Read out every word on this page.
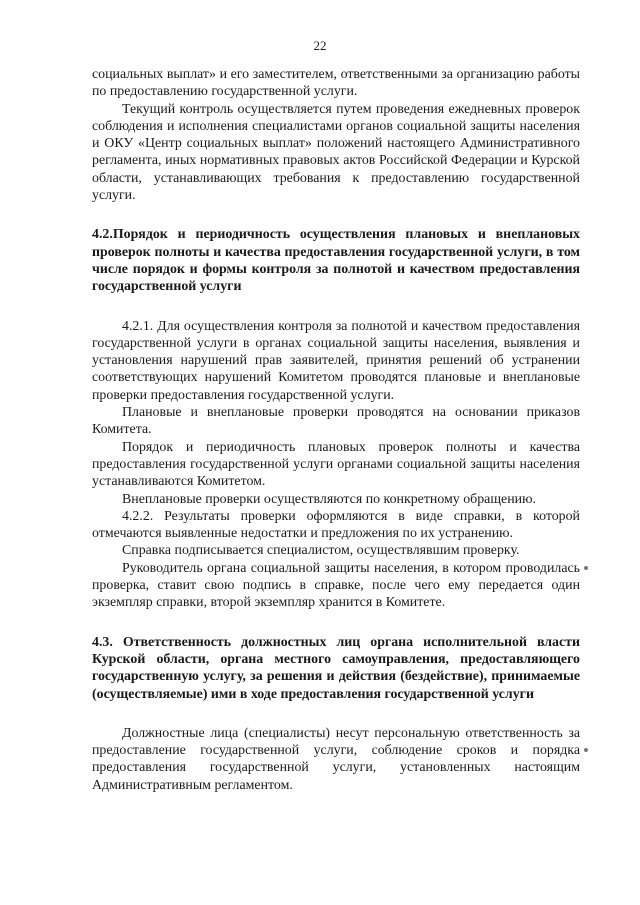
22

социальных выплат» и его заместителем, ответственными за организацию работы по предоставлению государственной услуги.

Текущий контроль осуществляется путем проведения ежедневных проверок соблюдения и исполнения специалистами органов социальной защиты населения и ОКУ «Центр социальных выплат» положений настоящего Административного регламента, иных нормативных правовых актов Российской Федерации и Курской области, устанавливающих требования к предоставлению государственной услуги.

4.2.Порядок и периодичность осуществления плановых и внеплановых проверок полноты и качества предоставления государственной услуги, в том числе порядок и формы контроля за полнотой и качеством предоставления государственной услуги

4.2.1. Для осуществления контроля за полнотой и качеством предоставления государственной услуги в органах социальной защиты населения, выявления и установления нарушений прав заявителей, принятия решений об устранении соответствующих нарушений Комитетом проводятся плановые и внеплановые проверки предоставления государственной услуги.

Плановые и внеплановые проверки проводятся на основании приказов Комитета.

Порядок и периодичность плановых проверок полноты и качества предоставления государственной услуги органами социальной защиты населения устанавливаются Комитетом.

Внеплановые проверки осуществляются по конкретному обращению.

4.2.2. Результаты проверки оформляются в виде справки, в которой отмечаются выявленные недостатки и предложения по их устранению.

Справка подписывается специалистом, осуществлявшим проверку.

Руководитель органа социальной защиты населения, в котором проводилась проверка, ставит свою подпись в справке, после чего ему передается один экземпляр справки, второй экземпляр хранится в Комитете.

4.3. Ответственность должностных лиц органа исполнительной власти Курской области, органа местного самоуправления, предоставляющего государственную услугу, за решения и действия (бездействие), принимаемые (осуществляемые) ими в ходе предоставления государственной услуги

Должностные лица (специалисты) несут персональную ответственность за предоставление государственной услуги, соблюдение сроков и порядка предоставления государственной услуги, установленных настоящим Административным регламентом.
